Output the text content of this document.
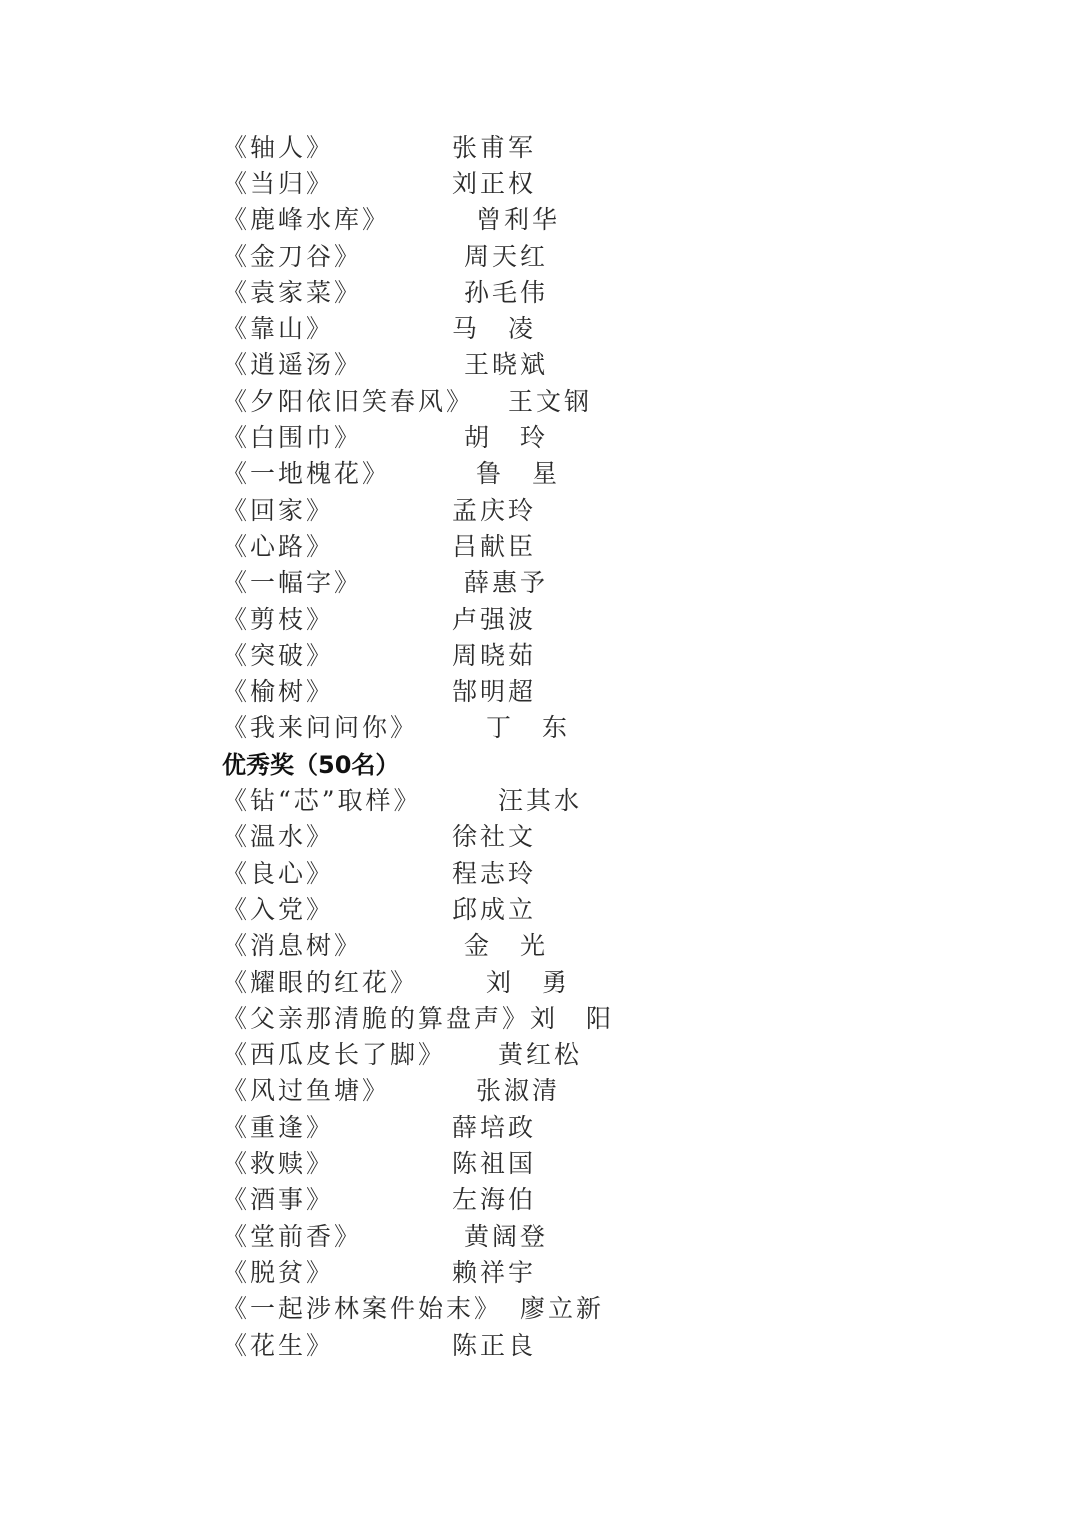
《轴人》	张甫军
《当归》	刘正权
《鹿峰水库》	曾利华
《金刀谷》	周天红
《袁家菜》	孙毛伟
《靠山》	马　凌
《逍遥汤》	王晓斌
《夕阳依旧笑春风》 王文钢
《白围巾》	胡　玲
《一地槐花》	鲁　星
《回家》	孟庆玲
《心路》	吕献臣
《一幅字》	薛惠予
《剪枝》	卢强波
《突破》	周晓茹
《榆树》	郜明超
《我来问问你》	丁　东
优秀奖（50名）
《钻“芯”取样》	汪其水
《温水》	徐社文
《良心》	程志玲
《入党》	邱成立
《消息树》	金　光
《耀眼的红花》	刘　勇
《父亲那清脆的算盘声》 刘　阳
《西瓜皮长了脚》 黄红松
《风过鱼塘》	张淑清
《重逢》	薛培政
《救赎》	陈祖国
《酒事》	左海伯
《堂前香》	黄阔登
《脱贫》	赖祥宇
《一起涉林案件始末》 廖立新
《花生》	陈正良
